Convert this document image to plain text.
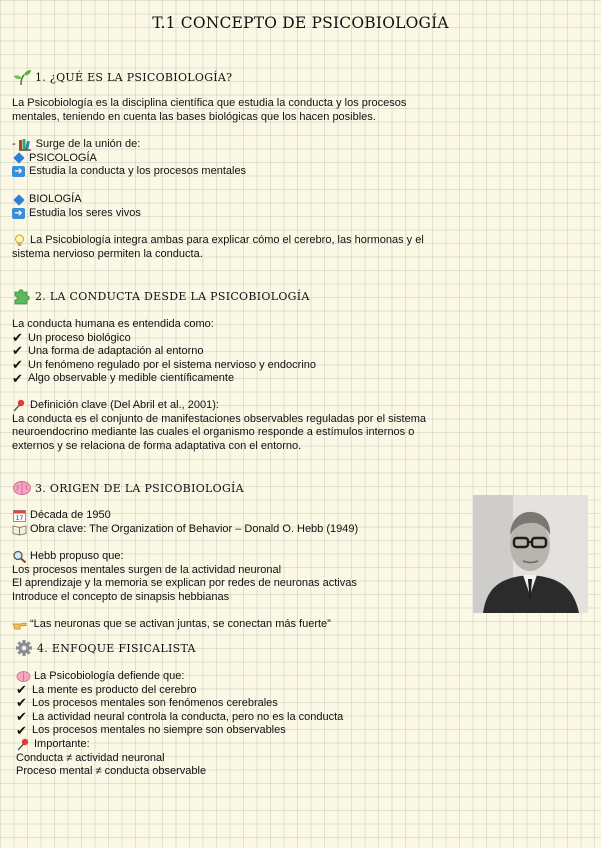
T.1 CONCEPTO DE PSICOBIOLOGÍA
1. ¿QUÉ ES LA PSICOBIOLOGÍA?
La Psicobiología es la disciplina científica que estudia la conducta y los procesos
mentales, teniendo en cuenta las bases biológicas que los hacen posibles.
- Surge de la unión de:
PSICOLOGÍA
➜ Estudia la conducta y los procesos mentales
BIOLOGÍA
➜ Estudia los seres vivos
La Psicobiología integra ambas para explicar cómo el cerebro, las hormonas y el
sistema nervioso permiten la conducta.
2. LA CONDUCTA DESDE LA PSICOBIOLOGÍA
La conducta humana es entendida como:
✔ Un proceso biológico
✔ Una forma de adaptación al entorno
✔ Un fenómeno regulado por el sistema nervioso y endocrino
✔ Algo observable y medible científicamente
Definición clave (Del Abril et al., 2001):
La conducta es el conjunto de manifestaciones observables reguladas por el sistema
neuroendocrino mediante las cuales el organismo responde a estímulos internos o
externos y se relaciona de forma adaptativa con el entorno.
3. ORIGEN DE LA PSICOBIOLOGÍA
17 Década de 1950
Obra clave: The Organization of Behavior – Donald O. Hebb (1949)
Hebb propuso que:
Los procesos mentales surgen de la actividad neuronal
El aprendizaje y la memoria se explican por redes de neuronas activas
Introduce el concepto de sinapsis hebbianas
“Las neuronas que se activan juntas, se conectan más fuerte”
4. ENFOQUE FISICALISTA
La Psicobiología defiende que:
✔ La mente es producto del cerebro
✔ Los procesos mentales son fenómenos cerebrales
✔ La actividad neural controla la conducta, pero no es la conducta
✔ Los procesos mentales no siempre son observables
Importante:
Conducta ≠ actividad neuronal
Proceso mental ≠ conducta observable
